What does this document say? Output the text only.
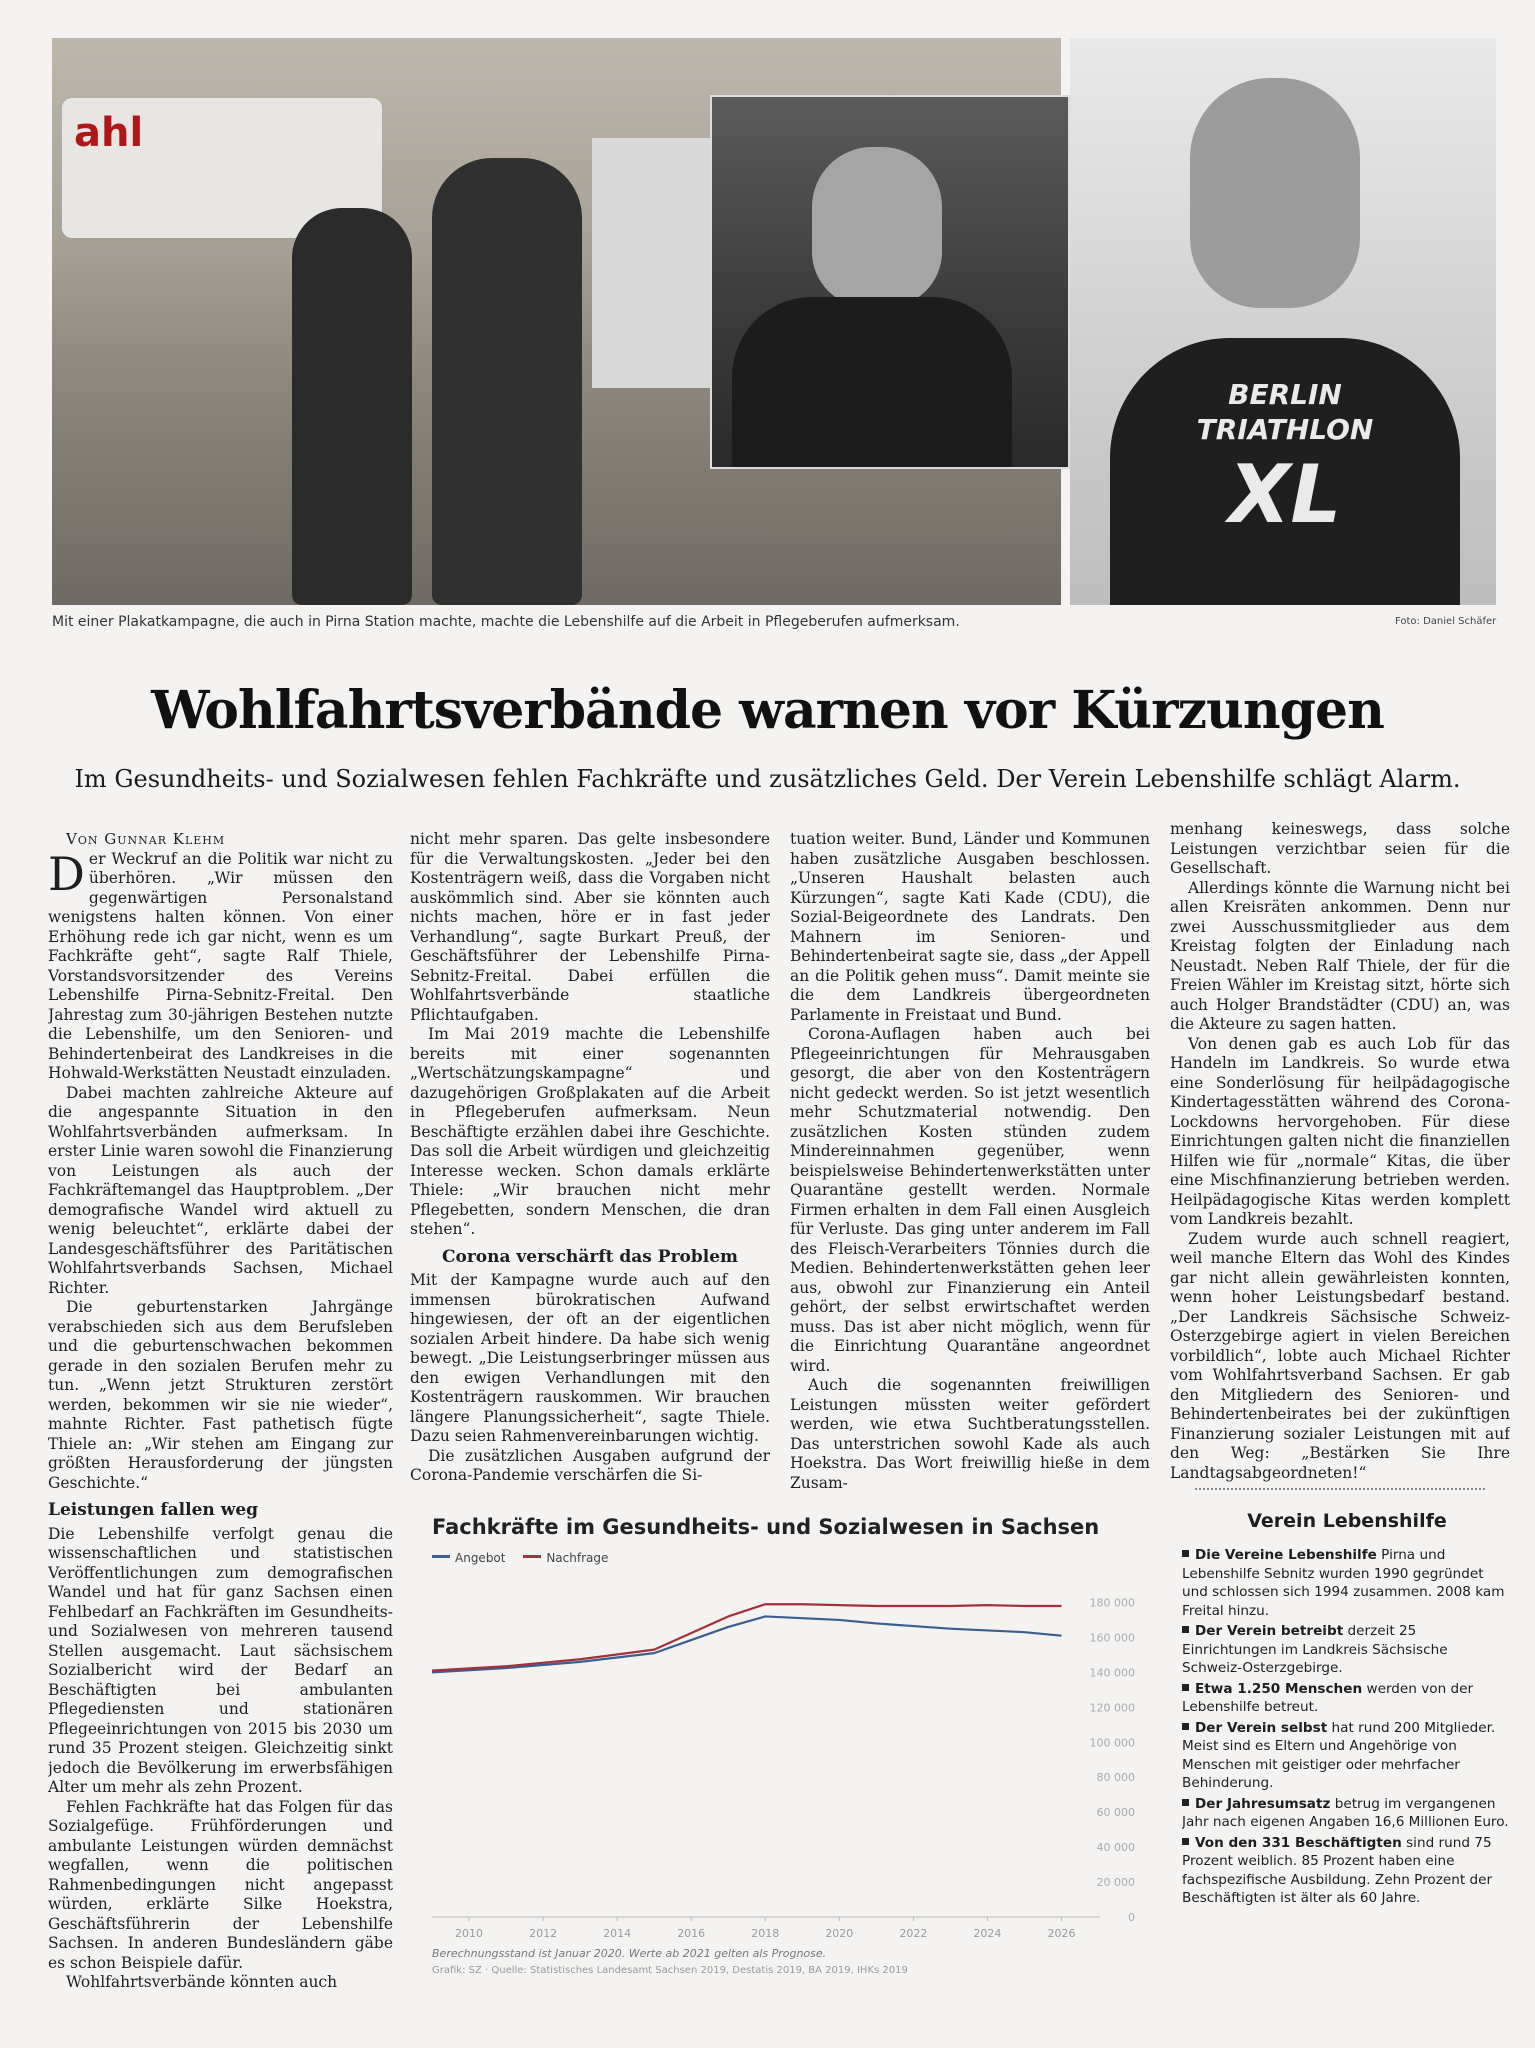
ahl
BERLIN
TRIATHLON
XL
Mit einer Plakatkampagne, die auch in Pirna Station machte, machte die Lebenshilfe auf die Arbeit in Pflegeberufen aufmerksam.	Foto: Daniel Schäfer
Wohlfahrtsverbände warnen vor Kürzungen
Im Gesundheits- und Sozialwesen fehlen Fachkräfte und zusätzliches Geld. Der Verein Lebenshilfe schlägt Alarm.

Von Gunnar Klehm

Der Weckruf an die Politik war nicht zu überhören. „Wir müssen den gegenwärtigen Personalstand wenigstens halten können. Von einer Erhöhung rede ich gar nicht, wenn es um Fachkräfte geht“, sagte Ralf Thiele, Vorstandsvorsitzender des Vereins Lebenshilfe Pirna-Sebnitz-Freital. Den Jahrestag zum 30-jährigen Bestehen nutzte die Lebenshilfe, um den Senioren- und Behindertenbeirat des Landkreises in die Hohwald-Werkstätten Neustadt einzuladen.

Dabei machten zahlreiche Akteure auf die angespannte Situation in den Wohlfahrtsverbänden aufmerksam. In erster Linie waren sowohl die Finanzierung von Leistungen als auch der Fachkräftemangel das Hauptproblem. „Der demografische Wandel wird aktuell zu wenig beleuchtet“, erklärte dabei der Landesgeschäftsführer des Paritätischen Wohlfahrtsverbands Sachsen, Michael Richter.

Die geburtenstarken Jahrgänge verabschieden sich aus dem Berufsleben und die geburtenschwachen bekommen gerade in den sozialen Berufen mehr zu tun. „Wenn jetzt Strukturen zerstört werden, bekommen wir sie nie wieder“, mahnte Richter. Fast pathetisch fügte Thiele an: „Wir stehen am Eingang zur größten Herausforderung der jüngsten Geschichte.“

Leistungen fallen weg

Die Lebenshilfe verfolgt genau die wissenschaftlichen und statistischen Veröffentlichungen zum demografischen Wandel und hat für ganz Sachsen einen Fehlbedarf an Fachkräften im Gesundheits- und Sozialwesen von mehreren tausend Stellen ausgemacht. Laut sächsischem Sozialbericht wird der Bedarf an Beschäftigten bei ambulanten Pflegediensten und stationären Pflegeeinrichtungen von 2015 bis 2030 um rund 35 Prozent steigen. Gleichzeitig sinkt jedoch die Bevölkerung im erwerbsfähigen Alter um mehr als zehn Prozent.

Fehlen Fachkräfte hat das Folgen für das Sozialgefüge. Frühförderungen und ambulante Leistungen würden demnächst wegfallen, wenn die politischen Rahmenbedingungen nicht angepasst würden, erklärte Silke Hoekstra, Geschäftsführerin der Lebenshilfe Sachsen. In anderen Bundesländern gäbe es schon Beispiele dafür.

Wohlfahrtsverbände könnten auch

nicht mehr sparen. Das gelte insbesondere für die Verwaltungskosten. „Jeder bei den Kostenträgern weiß, dass die Vorgaben nicht auskömmlich sind. Aber sie könnten auch nichts machen, höre er in fast jeder Verhandlung“, sagte Burkart Preuß, der Geschäftsführer der Lebenshilfe Pirna-Sebnitz-Freital. Dabei erfüllen die Wohlfahrtsverbände staatliche Pflichtaufgaben.

Im Mai 2019 machte die Lebenshilfe bereits mit einer sogenannten „Wertschätzungskampagne“ und dazugehörigen Großplakaten auf die Arbeit in Pflegeberufen aufmerksam. Neun Beschäftigte erzählen dabei ihre Geschichte. Das soll die Arbeit würdigen und gleichzeitig Interesse wecken. Schon damals erklärte Thiele: „Wir brauchen nicht mehr Pflegebetten, sondern Menschen, die dran stehen“.

Corona verschärft das Problem

Mit der Kampagne wurde auch auf den immensen bürokratischen Aufwand hingewiesen, der oft an der eigentlichen sozialen Arbeit hindere. Da habe sich wenig bewegt. „Die Leistungserbringer müssen aus den ewigen Verhandlungen mit den Kostenträgern rauskommen. Wir brauchen längere Planungssicherheit“, sagte Thiele. Dazu seien Rahmenvereinbarungen wichtig.

Die zusätzlichen Ausgaben aufgrund der Corona-Pandemie verschärfen die Si-

tuation weiter. Bund, Länder und Kommunen haben zusätzliche Ausgaben beschlossen. „Unseren Haushalt belasten auch Kürzungen“, sagte Kati Kade (CDU), die Sozial-Beigeordnete des Landrats. Den Mahnern im Senioren- und Behindertenbeirat sagte sie, dass „der Appell an die Politik gehen muss“. Damit meinte sie die dem Landkreis übergeordneten Parlamente in Freistaat und Bund.

Corona-Auflagen haben auch bei Pflegeeinrichtungen für Mehrausgaben gesorgt, die aber von den Kostenträgern nicht gedeckt werden. So ist jetzt wesentlich mehr Schutzmaterial notwendig. Den zusätzlichen Kosten stünden zudem Mindereinnahmen gegenüber, wenn beispielsweise Behindertenwerkstätten unter Quarantäne gestellt werden. Normale Firmen erhalten in dem Fall einen Ausgleich für Verluste. Das ging unter anderem im Fall des Fleisch-Verarbeiters Tönnies durch die Medien. Behindertenwerkstätten gehen leer aus, obwohl zur Finanzierung ein Anteil gehört, der selbst erwirtschaftet werden muss. Das ist aber nicht möglich, wenn für die Einrichtung Quarantäne angeordnet wird.

Auch die sogenannten freiwilligen Leistungen müssten weiter gefördert werden, wie etwa Suchtberatungsstellen. Das unterstrichen sowohl Kade als auch Hoekstra. Das Wort freiwillig hieße in dem Zusam-

menhang keineswegs, dass solche Leistungen verzichtbar seien für die Gesellschaft.

Allerdings könnte die Warnung nicht bei allen Kreisräten ankommen. Denn nur zwei Ausschussmitglieder aus dem Kreistag folgten der Einladung nach Neustadt. Neben Ralf Thiele, der für die Freien Wähler im Kreistag sitzt, hörte sich auch Holger Brandstädter (CDU) an, was die Akteure zu sagen hatten.

Von denen gab es auch Lob für das Handeln im Landkreis. So wurde etwa eine Sonderlösung für heilpädagogische Kindertagesstätten während des Corona-Lockdowns hervorgehoben. Für diese Einrichtungen galten nicht die finanziellen Hilfen wie für „normale“ Kitas, die über eine Mischfinanzierung betrieben werden. Heilpädagogische Kitas werden komplett vom Landkreis bezahlt.

Zudem wurde auch schnell reagiert, weil manche Eltern das Wohl des Kindes gar nicht allein gewährleisten konnten, wenn hoher Leistungsbedarf bestand. „Der Landkreis Sächsische Schweiz-Osterzgebirge agiert in vielen Bereichen vorbildlich“, lobte auch Michael Richter vom Wohlfahrtsverband Sachsen. Er gab den Mitgliedern des Senioren- und Behindertenbeirates bei der zukünftigen Finanzierung sozialer Leistungen mit auf den Weg: „Bestärken Sie Ihre Landtagsabgeordneten!“

Verein Lebenshilfe
Die Vereine Lebenshilfe Pirna und Lebenshilfe Sebnitz wurden 1990 gegründet und schlossen sich 1994 zusammen. 2008 kam Freital hinzu.
Der Verein betreibt derzeit 25 Einrichtungen im Landkreis Sächsische Schweiz-Osterzgebirge.
Etwa 1.250 Menschen werden von der Lebenshilfe betreut.
Der Verein selbst hat rund 200 Mitglieder. Meist sind es Eltern und Angehörige von Menschen mit geistiger oder mehrfacher Behinderung.
Der Jahresumsatz betrug im vergangenen Jahr nach eigenen Angaben 16,6 Millionen Euro.
Von den 331 Beschäftigten sind rund 75 Prozent weiblich. 85 Prozent haben eine fachspezifische Ausbildung. Zehn Prozent der Beschäftigten ist älter als 60 Jahre.
Fachkräfte im Gesundheits- und Sozialwesen in Sachsen
Angebot	Nachfrage
0
20 000
40 000
60 000
80 000
100 000
120 000
140 000
160 000
180 000
2010	2012	2014	2016	2018	2020	2022	2024	2026
Berechnungsstand ist Januar 2020. Werte ab 2021 gelten als Prognose.
Grafik: SZ · Quelle: Statistisches Landesamt Sachsen 2019, Destatis 2019, BA 2019, IHKs 2019
